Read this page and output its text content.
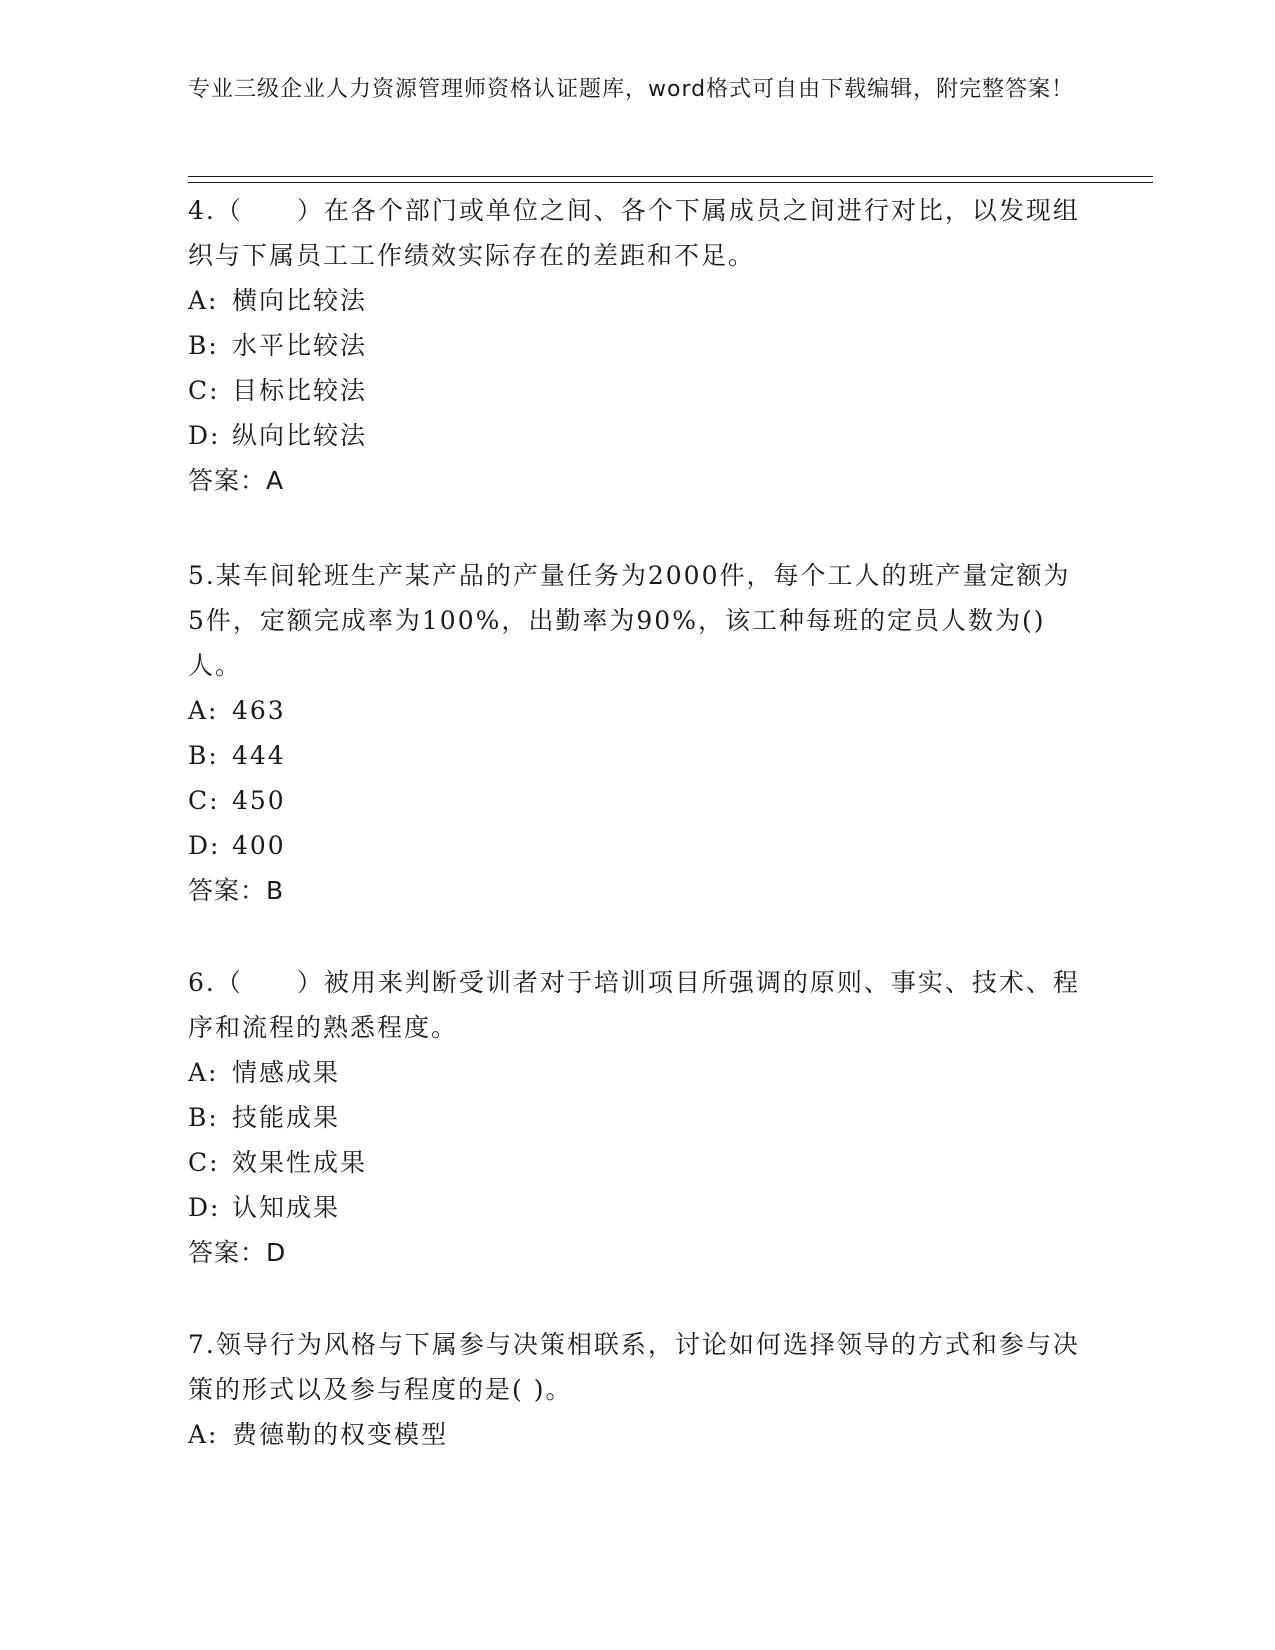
专业三级企业人力资源管理师资格认证题库，word格式可自由下载编辑，附完整答案！

4.（　　）在各个部门或单位之间、各个下属成员之间进行对比，以发现组织与下属员工工作绩效实际存在的差距和不足。

A: 横向比较法

B: 水平比较法

C: 目标比较法

D: 纵向比较法

答案：A

5.某车间轮班生产某产品的产量任务为2000件，每个工人的班产量定额为5件，定额完成率为100%，出勤率为90%，该工种每班的定员人数为()人。

A: 463

B: 444

C: 450

D: 400

答案：B

6.（　　）被用来判断受训者对于培训项目所强调的原则、事实、技术、程序和流程的熟悉程度。

A: 情感成果

B: 技能成果

C: 效果性成果

D: 认知成果

答案：D

7.领导行为风格与下属参与决策相联系，讨论如何选择领导的方式和参与决策的形式以及参与程度的是( )。

A: 费德勒的权变模型
